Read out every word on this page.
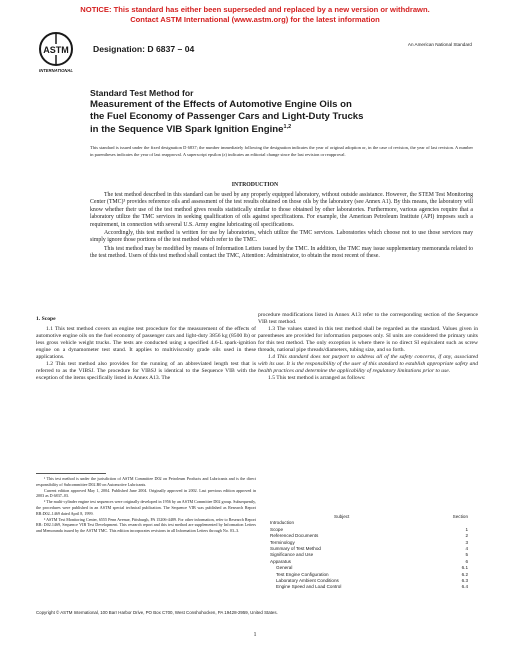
NOTICE: This standard has either been superseded and replaced by a new version or withdrawn.
Contact ASTM International (www.astm.org) for the latest information
ASTM
INTERNATIONAL
Designation: D 6837 – 04	An American National Standard
Standard Test Method for
Measurement of the Effects of Automotive Engine Oils on
the Fuel Economy of Passenger Cars and Light-Duty Trucks
in the Sequence VIB Spark Ignition Engine$^{1,2}$
This standard is issued under the fixed designation D 6837; the number immediately following the designation indicates the year of original adoption or, in the case of revision, the year of last revision. A number in parentheses indicates the year of last reapproval. A superscript epsilon (ε) indicates an editorial change since the last revision or reapproval.
INTRODUCTION

The test method described in this standard can be used by any properly equipped laboratory, without outside assistance. However, the STEM Test Monitoring Center (TMC)³ provides reference oils and assessment of the test results obtained on those oils by the laboratory (see Annex A1). By this means, the laboratory will know whether their use of the test method gives results statistically similar to those obtained by other laboratories. Furthermore, various agencies require that a laboratory utilize the TMC services in seeking qualification of oils against specifications. For example, the American Petroleum Institute (API) imposes such a requirement, in connection with several U.S. Army engine lubricating oil specifications.

Accordingly, this test method is written for use by laboratories, which utilize the TMC services. Laboratories which choose not to use those services may simply ignore those portions of the test method which refer to the TMC.

This test method may be modified by means of Information Letters issued by the TMC. In addition, the TMC may issue supplementary memoranda related to the test method. Users of this test method shall contact the TMC, Attention: Administrator, to obtain the most recent of these.

1. Scope

1.1 This test method covers an engine test procedure for the measurement of the effects of automotive engine oils on the fuel economy of passenger cars and light-duty 3856 kg (8500 lb) or less gross vehicle weight trucks. The tests are conducted using a specified 4.6-L spark-ignition engine on a dynamometer test stand. It applies to multiviscosity grade oils used in these applications.

1.2 This test method also provides for the running of an abbreviated length test that is referred to as the VIBSJ. The procedure for VIBSJ is identical to the Sequence VIB with the exception of the items specifically listed in Annex A13. The

procedure modifications listed in Annex A13 refer to the corresponding section of the Sequence VIB test method.

1.3 The values stated in this test method shall be regarded as the standard. Values given in parentheses are provided for information purposes only. SI units are considered the primary units for this test method. The only exception is where there is no direct SI equivalent such as screw threads, national pipe threads/diameters, tubing size, and so forth.

1.4 This standard does not purport to address all of the safety concerns, if any, associated with its use. It is the responsibility of the user of this standard to establish appropriate safety and health practices and determine the applicability of regulatory limitations prior to use.

1.5 This test method is arranged as follows:

¹ This test method is under the jurisdiction of ASTM Committee D02 on Petroleum Products and Lubricants and is the direct responsibility of Subcommittee D02.B0 on Automotive Lubricants.

Current edition approved May 1, 2004. Published June 2004. Originally approved in 2002. Last previous edition approved in 2003 as D 6837–03.

² The multi-cylinder engine test sequences were originally developed in 1956 by an ASTM Committee D02 group. Subsequently, the procedures were published in an ASTM special technical publication. The Sequence VIB was published as Research Report RR:D02–1469 dated April 8, 1999.

³ ASTM Test Monitoring Center, 6555 Penn Avenue, Pittsburgh, PA 15206-4489. For other information, refer to Research Report RR: D02.1469, Sequence VIB Test Development. This research report and this test method are supplemented by Information Letters and Memoranda issued by the ASTM TMC. This edition incorporates revisions in all Information Letters through No. 03–3.

Subject	Section
Introduction
Scope	1
Referenced Documents	2
Terminology	3
Summary of Test Method	4
Significance and Use	5
Apparatus	6
General	6.1
Test Engine Configuration	6.2
Laboratory Ambient Conditions	6.3
Engine Speed and Load Control	6.4
Copyright © ASTM International, 100 Barr Harbor Drive, PO Box C700, West Conshohocken, PA 19428-2959, United States.
1
